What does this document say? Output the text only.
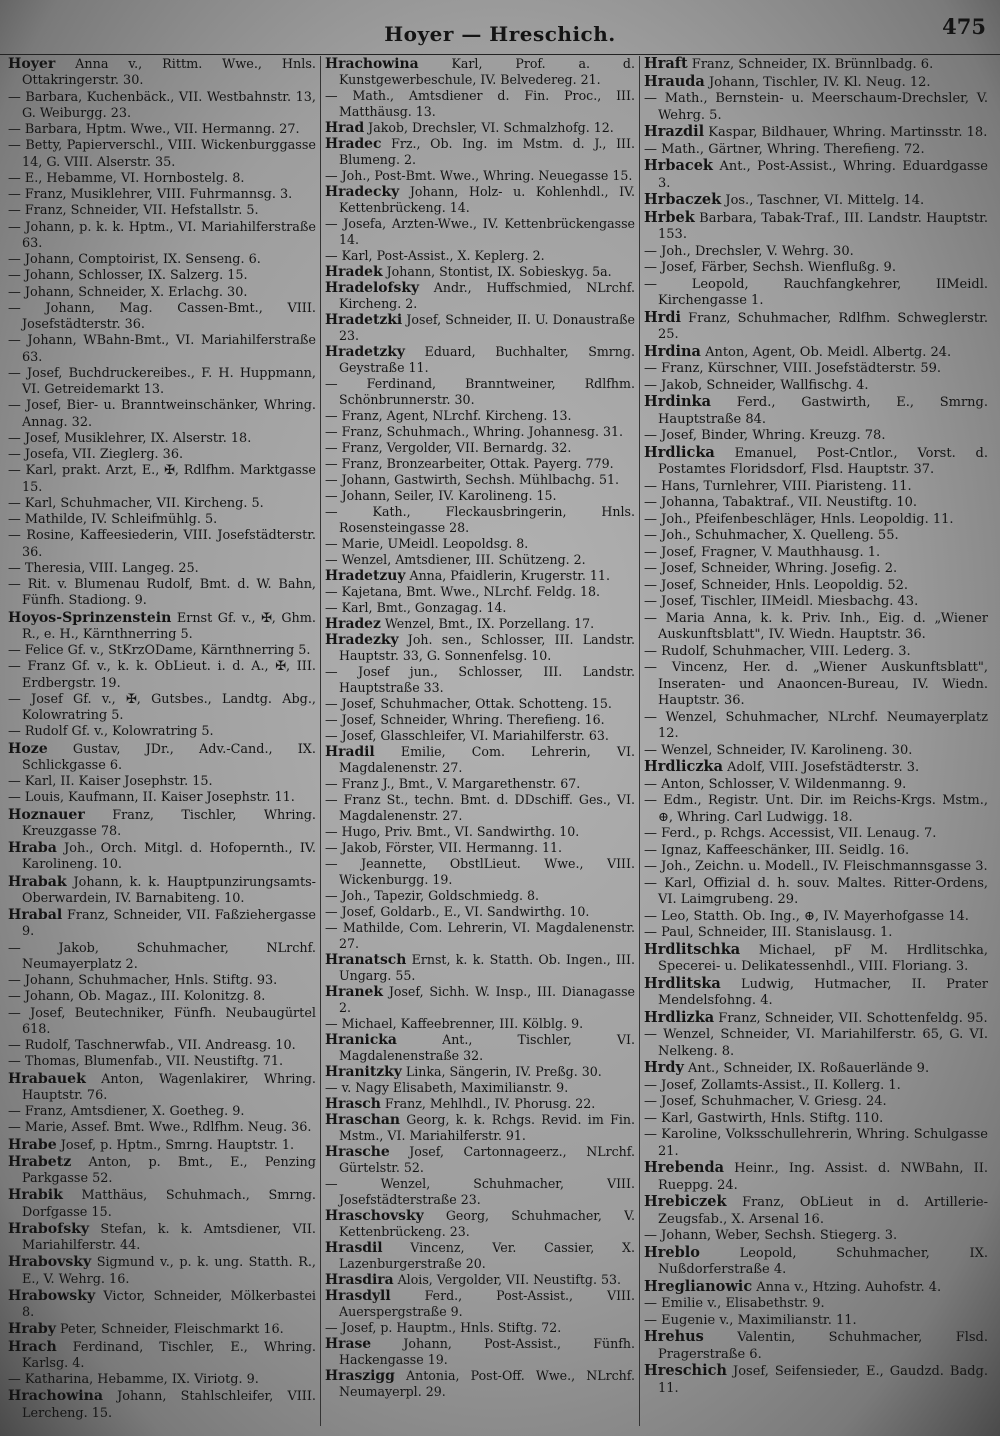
Hoyer — Hreschich.	475
Hoyer Anna v., Rittm. Wwe., Hnls. Ottakringerstr. 30.
— Barbara, Kuchenbäck., VII. Westbahnstr. 13, G. Weiburgg. 23.
— Barbara, Hptm. Wwe., VII. Hermanng. 27.
— Betty, Papierverschl., VIII. Wickenburggasse 14, G. VIII. Alserstr. 35.
— E., Hebamme, VI. Hornbostelg. 8.
— Franz, Musiklehrer, VIII. Fuhrmannsg. 3.
— Franz, Schneider, VII. Hefstallstr. 5.
— Johann, p. k. k. Hptm., VI. Mariahilferstraße 63.
— Johann, Comptoirist, IX. Senseng. 6.
— Johann, Schlosser, IX. Salzerg. 15.
— Johann, Schneider, X. Erlachg. 30.
— Johann, Mag. Cassen-Bmt., VIII. Josefstädterstr. 36.
— Johann, WBahn-Bmt., VI. Mariahilferstraße 63.
— Josef, Buchdruckereibes., F. H. Huppmann, VI. Getreidemarkt 13.
— Josef, Bier- u. Branntweinschänker, Whring. Annag. 32.
— Josef, Musiklehrer, IX. Alserstr. 18.
— Josefa, VII. Zieglerg. 36.
— Karl, prakt. Arzt, E., ✠, Rdlfhm. Marktgasse 15.
— Karl, Schuhmacher, VII. Kircheng. 5.
— Mathilde, IV. Schleifmühlg. 5.
— Rosine, Kaffeesiederin, VIII. Josefstädterstr. 36.
— Theresia, VIII. Langeg. 25.
— Rit. v. Blumenau Rudolf, Bmt. d. W. Bahn, Fünfh. Stadiong. 9.
Hoyos-Sprinzenstein Ernst Gf. v., ✠, Ghm. R., e. H., Kärnthnerring 5.
— Felice Gf. v., StKrzODame, Kärnthnerring 5.
— Franz Gf. v., k. k. ObLieut. i. d. A., ✠, III. Erdbergstr. 19.
— Josef Gf. v., ✠, Gutsbes., Landtg. Abg., Kolowratring 5.
— Rudolf Gf. v., Kolowratring 5.
Hoze Gustav, JDr., Adv.-Cand., IX. Schlickgasse 6.
— Karl, II. Kaiser Josephstr. 15.
— Louis, Kaufmann, II. Kaiser Josephstr. 11.
Hoznauer Franz, Tischler, Whring. Kreuzgasse 78.
Hraba Joh., Orch. Mitgl. d. Hofopernth., IV. Karolineng. 10.
Hrabak Johann, k. k. Hauptpunzirungsamts-Oberwardein, IV. Barnabiteng. 10.
Hrabal Franz, Schneider, VII. Faßziehergasse 9.
— Jakob, Schuhmacher, NLrchf. Neumayerplatz 2.
— Johann, Schuhmacher, Hnls. Stiftg. 93.
— Johann, Ob. Magaz., III. Kolonitzg. 8.
— Josef, Beutechniker, Fünfh. Neubaugürtel 618.
— Rudolf, Taschnerwfab., VII. Andreasg. 10.
— Thomas, Blumenfab., VII. Neustiftg. 71.
Hrabauek Anton, Wagenlakirer, Whring. Hauptstr. 76.
— Franz, Amtsdiener, X. Goetheg. 9.
— Marie, Assef. Bmt. Wwe., Rdlfhm. Neug. 36.
Hrabe Josef, p. Hptm., Smrng. Hauptstr. 1.
Hrabetz Anton, p. Bmt., E., Penzing Parkgasse 52.
Hrabik Matthäus, Schuhmach., Smrng. Dorfgasse 15.
Hrabofsky Stefan, k. k. Amtsdiener, VII. Mariahilferstr. 44.
Hrabovsky Sigmund v., p. k. ung. Statth. R., E., V. Wehrg. 16.
Hrabowsky Victor, Schneider, Mölkerbastei 8.
Hraby Peter, Schneider, Fleischmarkt 16.
Hrach Ferdinand, Tischler, E., Whring. Karlsg. 4.
— Katharina, Hebamme, IX. Viriotg. 9.
Hrachowina Johann, Stahlschleifer, VIII. Lercheng. 15.
Hrachowina Karl, Prof. a. d. Kunstgewerbeschule, IV. Belvedereg. 21.
— Math., Amtsdiener d. Fin. Proc., III. Matthäusg. 13.
Hrad Jakob, Drechsler, VI. Schmalzhofg. 12.
Hradec Frz., Ob. Ing. im Mstm. d. J., III. Blumeng. 2.
— Joh., Post-Bmt. Wwe., Whring. Neuegasse 15.
Hradecky Johann, Holz- u. Kohlenhdl., IV. Kettenbrückeng. 14.
— Josefa, Arzten-Wwe., IV. Kettenbrückengasse 14.
— Karl, Post-Assist., X. Keplerg. 2.
Hradek Johann, Stontist, IX. Sobieskyg. 5a.
Hradelofsky Andr., Huffschmied, NLrchf. Kircheng. 2.
Hradetzki Josef, Schneider, II. U. Donaustraße 23.
Hradetzky Eduard, Buchhalter, Smrng. Geystraße 11.
— Ferdinand, Branntweiner, Rdlfhm. Schönbrunnerstr. 30.
— Franz, Agent, NLrchf. Kircheng. 13.
— Franz, Schuhmach., Whring. Johannesg. 31.
— Franz, Vergolder, VII. Bernardg. 32.
— Franz, Bronzearbeiter, Ottak. Payerg. 779.
— Johann, Gastwirth, Sechsh. Mühlbachg. 51.
— Johann, Seiler, IV. Karolineng. 15.
— Kath., Fleckausbringerin, Hnls. Rosensteingasse 28.
— Marie, UMeidl. Leopoldsg. 8.
— Wenzel, Amtsdiener, III. Schützeng. 2.
Hradetzuy Anna, Pfaidlerin, Krugerstr. 11.
— Kajetana, Bmt. Wwe., NLrchf. Feldg. 18.
— Karl, Bmt., Gonzagag. 14.
Hradez Wenzel, Bmt., IX. Porzellang. 17.
Hradezky Joh. sen., Schlosser, III. Landstr. Hauptstr. 33, G. Sonnenfelsg. 10.
— Josef jun., Schlosser, III. Landstr. Hauptstraße 33.
— Josef, Schuhmacher, Ottak. Schotteng. 15.
— Josef, Schneider, Whring. Therefieng. 16.
— Josef, Glasschleifer, VI. Mariahilferstr. 63.
Hradil Emilie, Com. Lehrerin, VI. Magdalenenstr. 27.
— Franz J., Bmt., V. Margarethenstr. 67.
— Franz St., techn. Bmt. d. DDschiff. Ges., VI. Magdalenenstr. 27.
— Hugo, Priv. Bmt., VI. Sandwirthg. 10.
— Jakob, Förster, VII. Hermanng. 11.
— Jeannette, ObstlLieut. Wwe., VIII. Wickenburgg. 19.
— Joh., Tapezir, Goldschmiedg. 8.
— Josef, Goldarb., E., VI. Sandwirthg. 10.
— Mathilde, Com. Lehrerin, VI. Magdalenenstr. 27.
Hranatsch Ernst, k. k. Statth. Ob. Ingen., III. Ungarg. 55.
Hranek Josef, Sichh. W. Insp., III. Dianagasse 2.
— Michael, Kaffeebrenner, III. Kölblg. 9.
Hranicka Ant., Tischler, VI. Magdalenenstraße 32.
Hranitzky Linka, Sängerin, IV. Preßg. 30.
— v. Nagy Elisabeth, Maximilianstr. 9.
Hrasch Franz, Mehlhdl., IV. Phorusg. 22.
Hraschan Georg, k. k. Rchgs. Revid. im Fin. Mstm., VI. Mariahilferstr. 91.
Hrasche Josef, Cartonnageerz., NLrchf. Gürtelstr. 52.
— Wenzel, Schuhmacher, VIII. Josefstädterstraße 23.
Hraschovsky Georg, Schuhmacher, V. Kettenbrückeng. 23.
Hrasdil Vincenz, Ver. Cassier, X. Lazenburgerstraße 20.
Hrasdira Alois, Vergolder, VII. Neustiftg. 53.
Hrasdyll Ferd., Post-Assist., VIII. Auerspergstraße 9.
— Josef, p. Hauptm., Hnls. Stiftg. 72.
Hrase Johann, Post-Assist., Fünfh. Hackengasse 19.
Hraszigg Antonia, Post-Off. Wwe., NLrchf. Neumayerpl. 29.
Hraft Franz, Schneider, IX. Brünnlbadg. 6.
Hrauda Johann, Tischler, IV. Kl. Neug. 12.
— Math., Bernstein- u. Meerschaum-Drechsler, V. Wehrg. 5.
Hrazdil Kaspar, Bildhauer, Whring. Martinsstr. 18.
— Math., Gärtner, Whring. Therefieng. 72.
Hrbacek Ant., Post-Assist., Whring. Eduardgasse 3.
Hrbaczek Jos., Taschner, VI. Mittelg. 14.
Hrbek Barbara, Tabak-Traf., III. Landstr. Hauptstr. 153.
— Joh., Drechsler, V. Wehrg. 30.
— Josef, Färber, Sechsh. Wienflußg. 9.
— Leopold, Rauchfangkehrer, IIMeidl. Kirchengasse 1.
Hrdi Franz, Schuhmacher, Rdlfhm. Schweglerstr. 25.
Hrdina Anton, Agent, Ob. Meidl. Albertg. 24.
— Franz, Kürschner, VIII. Josefstädterstr. 59.
— Jakob, Schneider, Wallfischg. 4.
Hrdinka Ferd., Gastwirth, E., Smrng. Hauptstraße 84.
— Josef, Binder, Whring. Kreuzg. 78.
Hrdlicka Emanuel, Post-Cntlor., Vorst. d. Postamtes Floridsdorf, Flsd. Hauptstr. 37.
— Hans, Turnlehrer, VIII. Piaristeng. 11.
— Johanna, Tabaktraf., VII. Neustiftg. 10.
— Joh., Pfeifenbeschläger, Hnls. Leopoldig. 11.
— Joh., Schuhmacher, X. Quelleng. 55.
— Josef, Fragner, V. Mauthhausg. 1.
— Josef, Schneider, Whring. Josefig. 2.
— Josef, Schneider, Hnls. Leopoldig. 52.
— Josef, Tischler, IIMeidl. Miesbachg. 43.
— Maria Anna, k. k. Priv. Inh., Eig. d. „Wiener Auskunftsblatt", IV. Wiedn. Hauptstr. 36.
— Rudolf, Schuhmacher, VIII. Lederg. 3.
— Vincenz, Her. d. „Wiener Auskunftsblatt", Inseraten- und Anaoncen-Bureau, IV. Wiedn. Hauptstr. 36.
— Wenzel, Schuhmacher, NLrchf. Neumayerplatz 12.
— Wenzel, Schneider, IV. Karolineng. 30.
Hrdliczka Adolf, VIII. Josefstädterstr. 3.
— Anton, Schlosser, V. Wildenmanng. 9.
— Edm., Registr. Unt. Dir. im Reichs-Krgs. Mstm., ⊕, Whring. Carl Ludwigg. 18.
— Ferd., p. Rchgs. Accessist, VII. Lenaug. 7.
— Ignaz, Kaffeeschänker, III. Seidlg. 16.
— Joh., Zeichn. u. Modell., IV. Fleischmannsgasse 3.
— Karl, Offizial d. h. souv. Maltes. Ritter-Ordens, VI. Laimgrubeng. 29.
— Leo, Statth. Ob. Ing., ⊕, IV. Mayerhofgasse 14.
— Paul, Schneider, III. Stanislausg. 1.
Hrdlitschka Michael, pF M. Hrdlitschka, Specerei- u. Delikatessenhdl., VIII. Floriang. 3.
Hrdlitska Ludwig, Hutmacher, II. Prater Mendelsfohng. 4.
Hrdlizka Franz, Schneider, VII. Schottenfeldg. 95.
— Wenzel, Schneider, VI. Mariahilferstr. 65, G. VI. Nelkeng. 8.
Hrdy Ant., Schneider, IX. Roßauerlände 9.
— Josef, Zollamts-Assist., II. Kollerg. 1.
— Josef, Schuhmacher, V. Griesg. 24.
— Karl, Gastwirth, Hnls. Stiftg. 110.
— Karoline, Volksschullehrerin, Whring. Schulgasse 21.
Hrebenda Heinr., Ing. Assist. d. NWBahn, II. Rueppg. 24.
Hrebiczek Franz, ObLieut in d. Artillerie-Zeugsfab., X. Arsenal 16.
— Johann, Weber, Sechsh. Stiegerg. 3.
Hreblo Leopold, Schuhmacher, IX. Nußdorferstraße 4.
Hreglianowic Anna v., Htzing. Auhofstr. 4.
— Emilie v., Elisabethstr. 9.
— Eugenie v., Maximilianstr. 11.
Hrehus Valentin, Schuhmacher, Flsd. Pragerstraße 6.
Hreschich Josef, Seifensieder, E., Gaudzd. Badg. 11.
